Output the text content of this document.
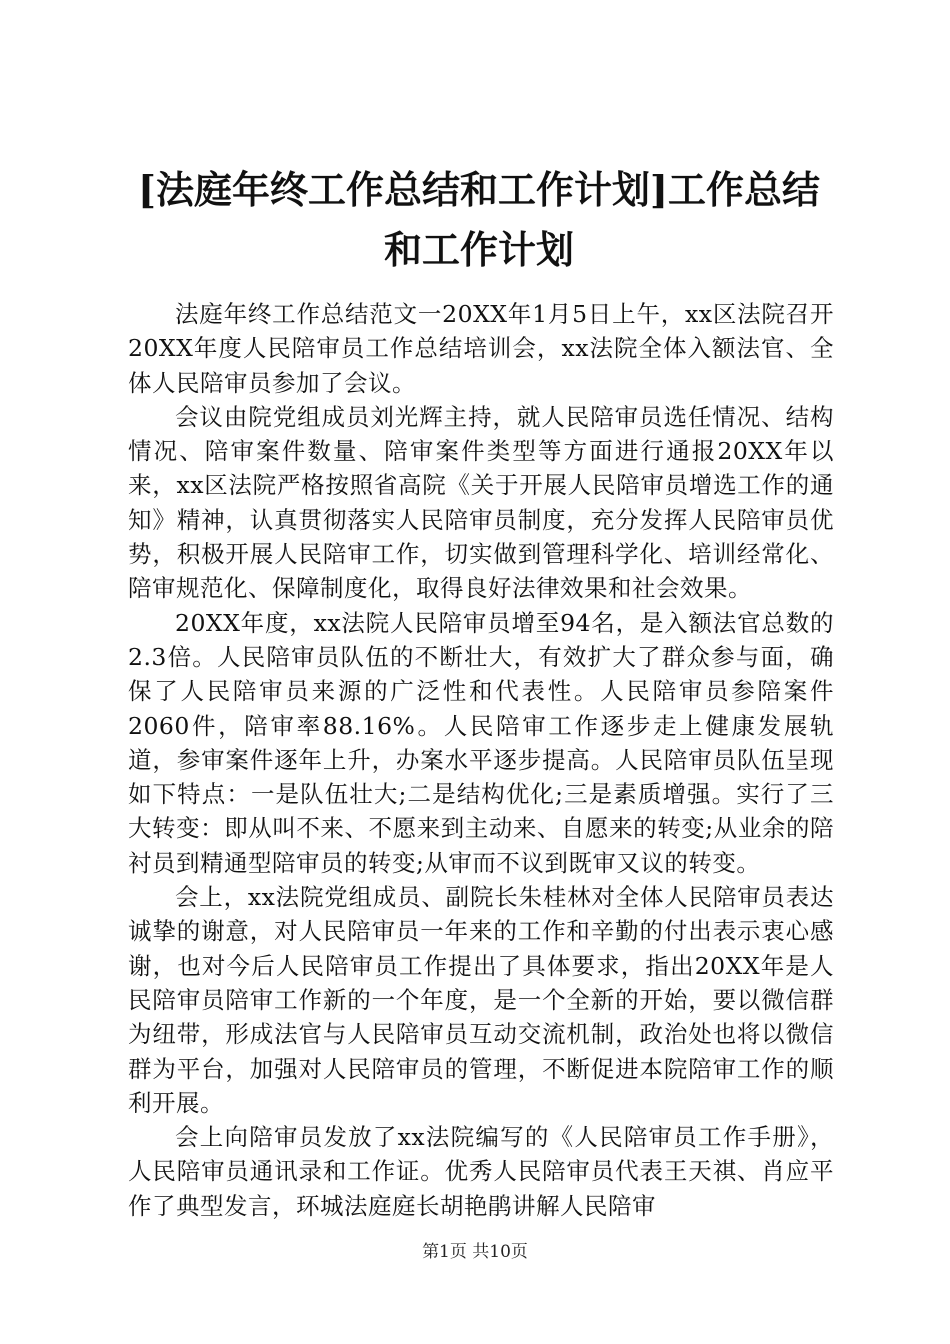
[法庭年终工作总结和工作计划]工作总结和工作计划

法庭年终工作总结范文一20XX年1月5日上午，xx区法院召开20XX年度人民陪审员工作总结培训会，xx法院全体入额法官、全体人民陪审员参加了会议。

会议由院党组成员刘光辉主持，就人民陪审员选任情况、结构情况、陪审案件数量、陪审案件类型等方面进行通报20XX年以来，xx区法院严格按照省高院《关于开展人民陪审员增选工作的通知》精神，认真贯彻落实人民陪审员制度，充分发挥人民陪审员优势，积极开展人民陪审工作，切实做到管理科学化、培训经常化、陪审规范化、保障制度化，取得良好法律效果和社会效果。

20XX年度，xx法院人民陪审员增至94名，是入额法官总数的2.3倍。人民陪审员队伍的不断壮大，有效扩大了群众参与面，确保了人民陪审员来源的广泛性和代表性。人民陪审员参陪案件2060件，陪审率88.16%。人民陪审工作逐步走上健康发展轨道，参审案件逐年上升，办案水平逐步提高。人民陪审员队伍呈现如下特点：一是队伍壮大;二是结构优化;三是素质增强。实行了三大转变：即从叫不来、不愿来到主动来、自愿来的转变;从业余的陪衬员到精通型陪审员的转变;从审而不议到既审又议的转变。

会上，xx法院党组成员、副院长朱桂林对全体人民陪审员表达诚挚的谢意，对人民陪审员一年来的工作和辛勤的付出表示衷心感谢，也对今后人民陪审员工作提出了具体要求，指出20XX年是人民陪审员陪审工作新的一个年度，是一个全新的开始，要以微信群为纽带，形成法官与人民陪审员互动交流机制，政治处也将以微信群为平台，加强对人民陪审员的管理，不断促进本院陪审工作的顺利开展。

会上向陪审员发放了xx法院编写的《人民陪审员工作手册》，人民陪审员通讯录和工作证。优秀人民陪审员代表王天祺、肖应平作了典型发言，环城法庭庭长胡艳鹃讲解人民陪审

第1页 共10页
